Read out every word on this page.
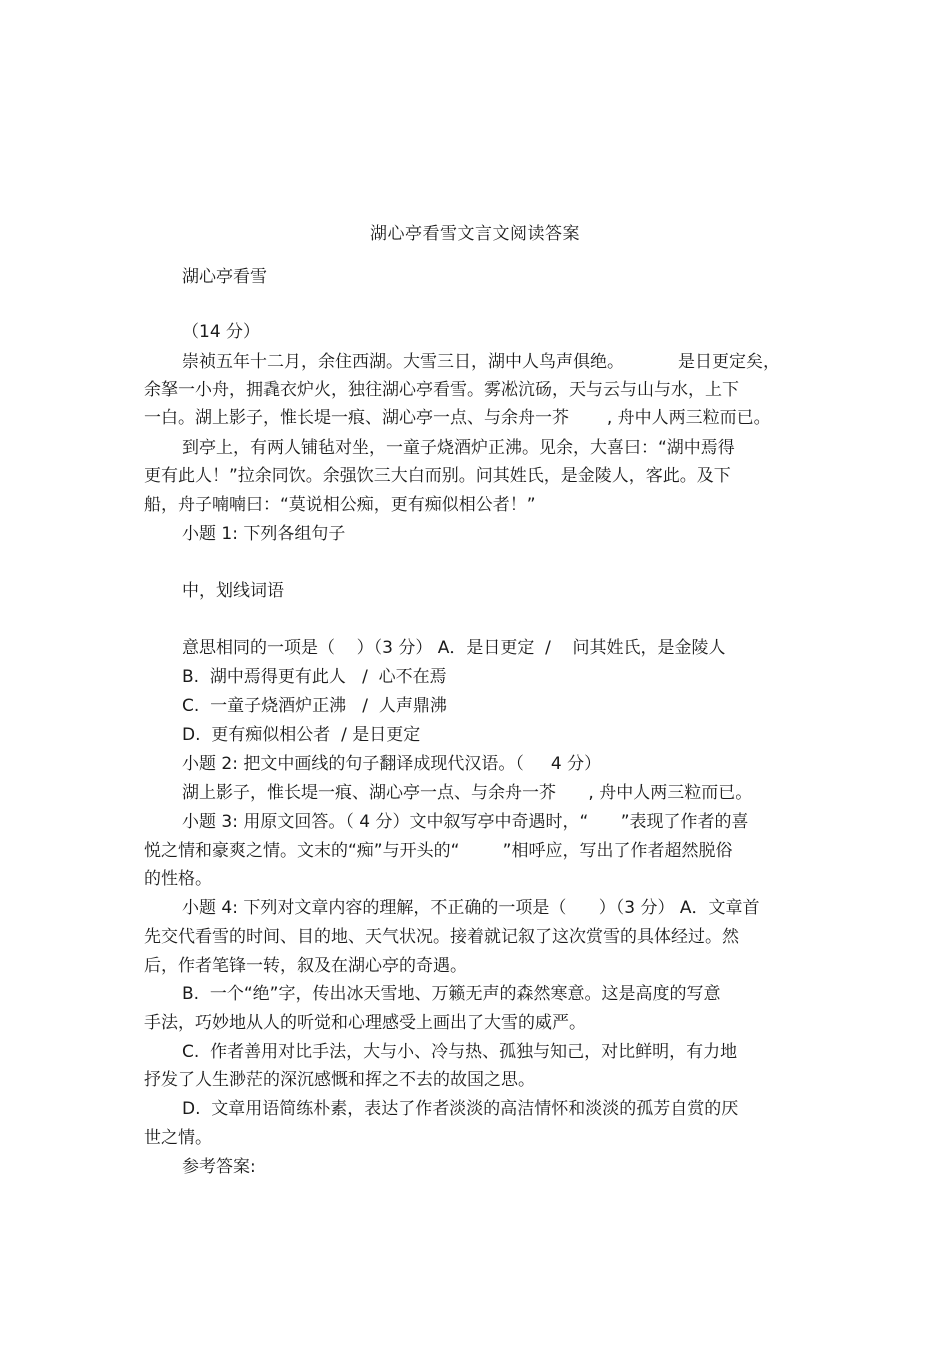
湖心亭看雪文言文阅读答案
湖心亭看雪
（14 分）
崇祯五年十二月，余住西湖。大雪三日，湖中人鸟声俱绝。          是日更定矣，
余拏一小舟，拥毳衣炉火，独往湖心亭看雪。雾凇沆砀，天与云与山与水，上下
一白。湖上影子，惟长堤一痕、湖心亭一点、与余舟一芥       , 舟中人两三粒而已。
到亭上，有两人铺毡对坐，一童子烧酒炉正沸。见余，大喜曰：“湖中焉得
更有此人！”拉余同饮。余强饮三大白而别。问其姓氏，是金陵人，客此。及下
船，舟子喃喃曰：“莫说相公痴，更有痴似相公者！”
小题 1: 下列各组句子
中，划线词语
意思相同的一项是（    ）（3 分） A．是日更定  /    问其姓氏，是金陵人
B.  湖中焉得更有此人   /  心不在焉
C.  一童子烧酒炉正沸   /  人声鼎沸
D.  更有痴似相公者  / 是日更定
小题 2: 把文中画线的句子翻译成现代汉语。（     4 分）
湖上影子，惟长堤一痕、湖心亭一点、与余舟一芥      , 舟中人两三粒而已。
小题 3: 用原文回答。（ 4 分）文中叙写亭中奇遇时，“      ”表现了作者的喜
悦之情和豪爽之情。文末的“痴”与开头的“        ”相呼应，写出了作者超然脱俗
的性格。
小题 4: 下列对文章内容的理解，不正确的一项是（      ）（3 分） A．文章首
先交代看雪的时间、目的地、天气状况。接着就记叙了这次赏雪的具体经过。然
后，作者笔锋一转，叙及在湖心亭的奇遇。
B.  一个“绝”字，传出冰天雪地、万籁无声的森然寒意。这是高度的写意
手法，巧妙地从人的听觉和心理感受上画出了大雪的威严。
C.  作者善用对比手法，大与小、冷与热、孤独与知己，对比鲜明，有力地
抒发了人生渺茫的深沉感慨和挥之不去的故国之思。
D.  文章用语简练朴素，表达了作者淡淡的高洁情怀和淡淡的孤芳自赏的厌
世之情。
参考答案:
